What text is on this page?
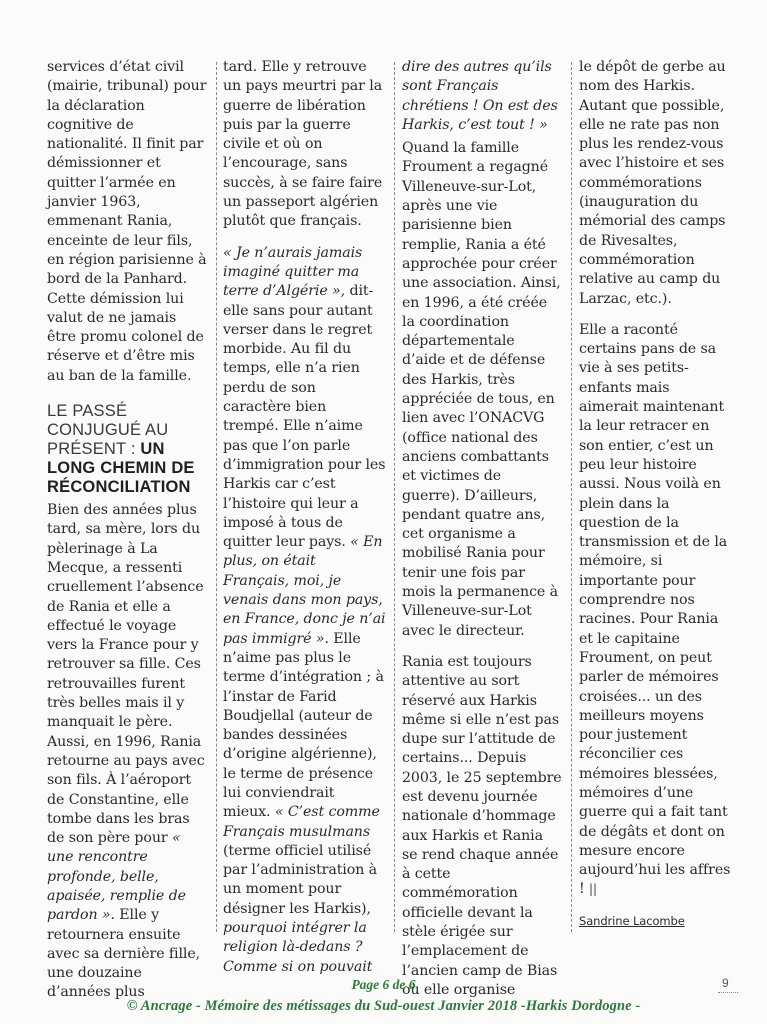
services d’état civil (mairie, tribunal) pour la déclaration cognitive de nationalité. Il finit par démissionner et quitter l’armée en janvier 1963, emmenant Rania, enceinte de leur fils, en région parisienne à bord de la Panhard. Cette démission lui valut de ne jamais être promu colonel de réserve et d’être mis au ban de la famille.

LE PASSÉ CONJUGUÉ AU PRÉSENT : UN LONG CHEMIN DE RÉCONCILIATION

Bien des années plus tard, sa mère, lors du pèlerinage à La Mecque, a ressenti cruellement l’absence de Rania et elle a effectué le voyage vers la France pour y retrouver sa fille. Ces retrouvailles furent très belles mais il y manquait le père. Aussi, en 1996, Rania retourne au pays avec son fils. À l’aéroport de Constantine, elle tombe dans les bras de son père pour « une rencontre profonde, belle, apaisée, remplie de pardon ». Elle y retournera ensuite avec sa dernière fille, une douzaine d’années plus

tard. Elle y retrouve un pays meurtri par la guerre de libération puis par la guerre civile et où on l’encourage, sans succès, à se faire faire un passeport algérien plutôt que français.

« Je n’aurais jamais imaginé quitter ma terre d’Algérie », dit-elle sans pour autant verser dans le regret morbide. Au fil du temps, elle n’a rien perdu de son caractère bien trempé. Elle n’aime pas que l’on parle d’immigration pour les Harkis car c’est l’histoire qui leur a imposé à tous de quitter leur pays. « En plus, on était Français, moi, je venais dans mon pays, en France, donc je n’ai pas immigré ». Elle n’aime pas plus le terme d’intégration ; à l’instar de Farid Boudjellal (auteur de bandes dessinées d’origine algérienne), le terme de présence lui conviendrait mieux. « C’est comme Français musulmans (terme officiel utilisé par l’administration à un moment pour désigner les Harkis), pourquoi intégrer la religion là-dedans ? Comme si on pouvait

dire des autres qu’ils sont Français chrétiens ! On est des Harkis, c’est tout ! »

Quand la famille Froument a regagné Villeneuve-sur-Lot, après une vie parisienne bien remplie, Rania a été approchée pour créer une association. Ainsi, en 1996, a été créée la coordination départementale d’aide et de défense des Harkis, très appréciée de tous, en lien avec l’ONACVG (office national des anciens combattants et victimes de guerre). D’ailleurs, pendant quatre ans, cet organisme a mobilisé Rania pour tenir une fois par mois la permanence à Villeneuve-sur-Lot avec le directeur.

Rania est toujours attentive au sort réservé aux Harkis même si elle n’est pas dupe sur l’attitude de certains... Depuis 2003, le 25 septembre est devenu journée nationale d’hommage aux Harkis et Rania se rend chaque année à cette commémoration officielle devant la stèle érigée sur l’emplacement de l’ancien camp de Bias où elle organise

le dépôt de gerbe au nom des Harkis. Autant que possible, elle ne rate pas non plus les rendez-vous avec l’histoire et ses commémorations (inauguration du mémorial des camps de Rivesaltes, commémoration relative au camp du Larzac, etc.).

Elle a raconté certains pans de sa vie à ses petits-enfants mais aimerait maintenant la leur retracer en son entier, c’est un peu leur histoire aussi. Nous voilà en plein dans la question de la transmission et de la mémoire, si importante pour comprendre nos racines. Pour Rania et le capitaine Froument, on peut parler de mémoires croisées... un des meilleurs moyens pour justement réconcilier ces mémoires blessées, mémoires d’une guerre qui a fait tant de dégâts et dont on mesure encore aujourd’hui les affres ! ||

Sandrine Lacombe
Page 6 de 6
© Ancrage - Mémoire des métissages du Sud-ouest Janvier 2018 -Harkis Dordogne -
9
